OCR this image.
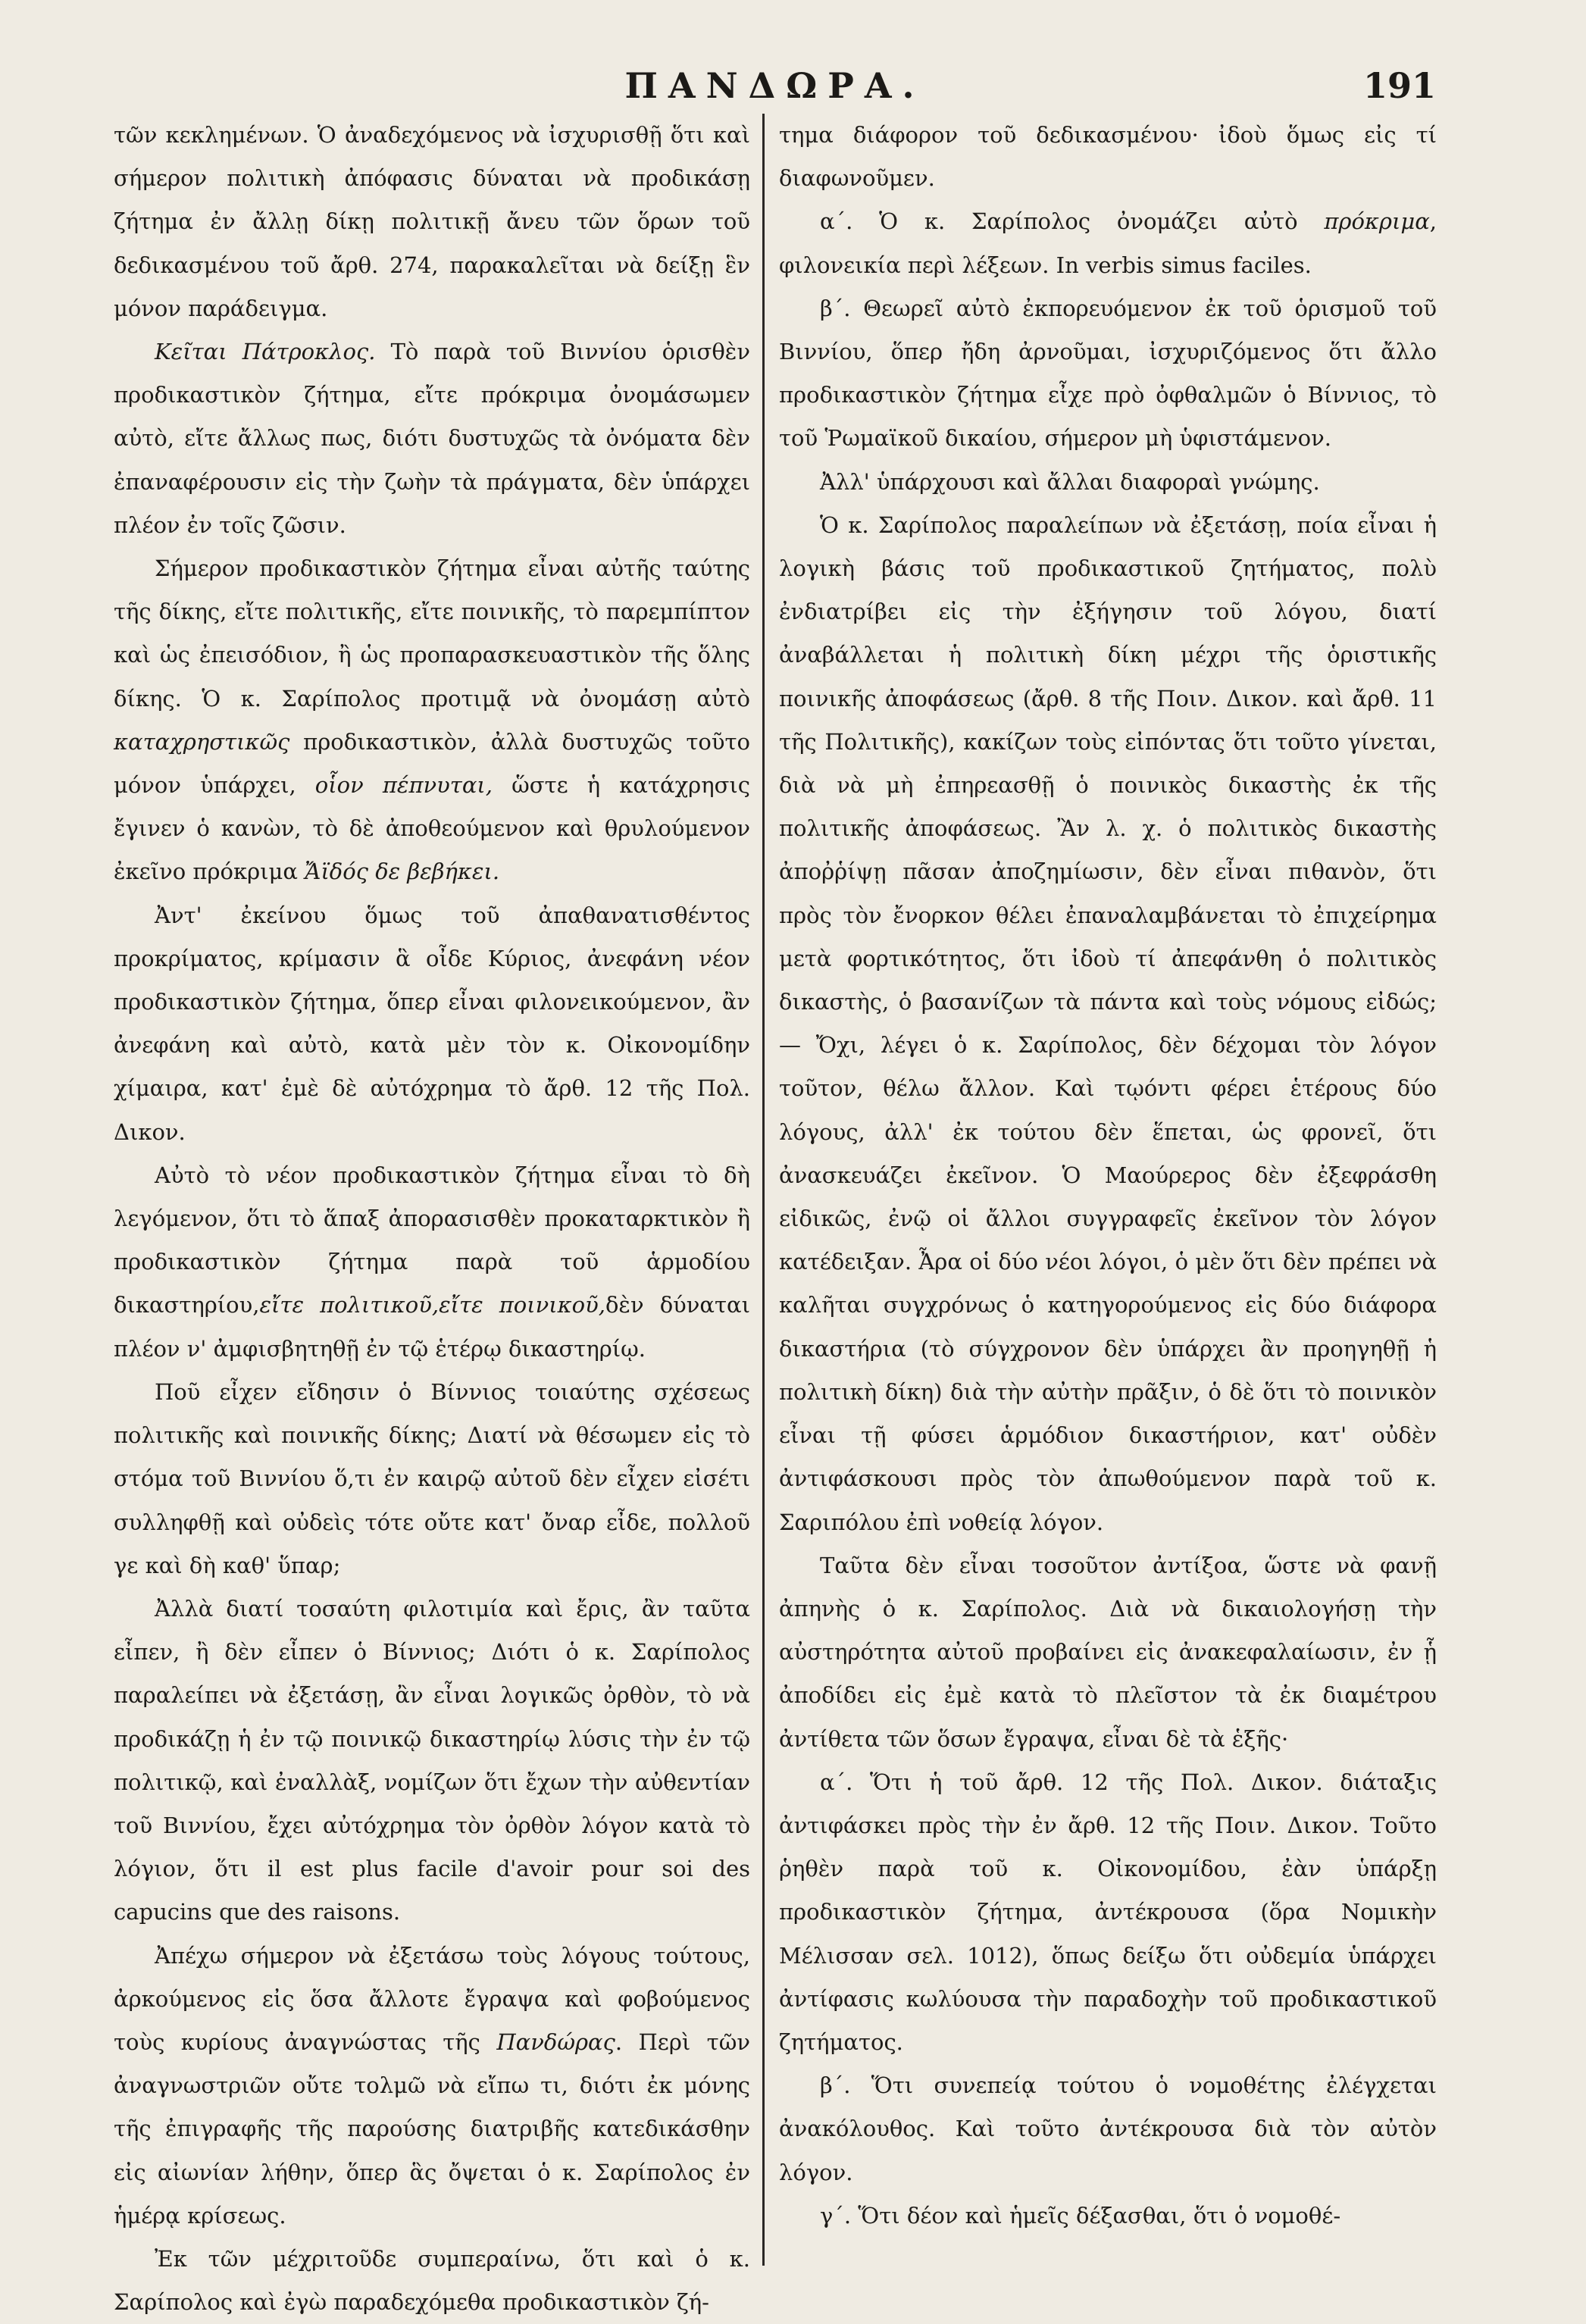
ΠΑΝΔΩΡΑ.	191

τῶν κεκλημένων. Ὁ ἀναδεχόμενος νὰ ἰσχυρισθῇ ὅτι καὶ σήμερον πολιτικὴ ἀπόφασις δύναται νὰ προδικάσῃ ζήτημα ἐν ἄλλῃ δίκῃ πολιτικῇ ἄνευ τῶν ὅρων τοῦ δεδικασμένου τοῦ ἄρθ. 274, παρακαλεῖται νὰ δείξῃ ἓν μόνον παράδειγμα.

Κεῖται Πάτροκλος. Τὸ παρὰ τοῦ Βιννίου ὁρισθὲν προδικαστικὸν ζήτημα, εἴτε πρόκριμα ὀνομάσωμεν αὐτὸ, εἴτε ἄλλως πως, διότι δυστυχῶς τὰ ὀνόματα δὲν ἐπαναφέρουσιν εἰς τὴν ζωὴν τὰ πράγματα, δὲν ὑπάρχει πλέον ἐν τοῖς ζῶσιν.

Σήμερον προδικαστικὸν ζήτημα εἶναι αὐτῆς ταύτης τῆς δίκης, εἴτε πολιτικῆς, εἴτε ποινικῆς, τὸ παρεμπίπτον καὶ ὡς ἐπεισόδιον, ἢ ὡς προπαρασκευαστικὸν τῆς ὅλης δίκης. Ὁ κ. Σαρίπολος προτιμᾷ νὰ ὀνομάσῃ αὐτὸ καταχρηστικῶς προδικαστικὸν, ἀλλὰ δυστυχῶς τοῦτο μόνον ὑπάρχει, οἷον πέπνυται, ὥστε ἡ κατάχρησις ἔγινεν ὁ κανὼν, τὸ δὲ ἀποθεούμενον καὶ θρυλούμενον ἐκεῖνο πρόκριμα Ἄϊδός δε βεβήκει.

Ἀντ' ἐκείνου ὅμως τοῦ ἀπαθανατισθέντος προκρίματος, κρίμασιν ἃ οἶδε Κύριος, ἀνεφάνη νέον προδικαστικὸν ζήτημα, ὅπερ εἶναι φιλονεικούμενον, ἂν ἀνεφάνη καὶ αὐτὸ, κατὰ μὲν τὸν κ. Οἰκονομίδην χίμαιρα, κατ' ἐμὲ δὲ αὐτόχρημα τὸ ἄρθ. 12 τῆς Πολ. Δικον.

Αὐτὸ τὸ νέον προδικαστικὸν ζήτημα εἶναι τὸ δὴ λεγόμενον, ὅτι τὸ ἅπαξ ἀπορασισθὲν προκαταρκτικὸν ἢ προδικαστικὸν ζήτημα παρὰ τοῦ ἁρμοδίου δικαστηρίου,εἴτε πολιτικοῦ,εἴτε ποινικοῦ,δὲν δύναται πλέον ν' ἀμφισβητηθῇ ἐν τῷ ἑτέρῳ δικαστηρίῳ.

Ποῦ εἶχεν εἴδησιν ὁ Βίννιος τοιαύτης σχέσεως πολιτικῆς καὶ ποινικῆς δίκης; Διατί νὰ θέσωμεν εἰς τὸ στόμα τοῦ Βιννίου ὅ,τι ἐν καιρῷ αὐτοῦ δὲν εἶχεν εἰσέτι συλληφθῇ καὶ οὐδεὶς τότε οὔτε κατ' ὄναρ εἶδε, πολλοῦ γε καὶ δὴ καθ' ὕπαρ;

Ἀλλὰ διατί τοσαύτη φιλοτιμία καὶ ἔρις, ἂν ταῦτα εἶπεν, ἢ δὲν εἶπεν ὁ Βίννιος; Διότι ὁ κ. Σαρίπολος παραλείπει νὰ ἐξετάσῃ, ἂν εἶναι λογικῶς ὀρθὸν, τὸ νὰ προδικάζῃ ἡ ἐν τῷ ποινικῷ δικαστηρίῳ λύσις τὴν ἐν τῷ πολιτικῷ, καὶ ἐναλλὰξ, νομίζων ὅτι ἔχων τὴν αὐθεντίαν τοῦ Βιννίου, ἔχει αὐτόχρημα τὸν ὀρθὸν λόγον κατὰ τὸ λόγιον, ὅτι il est plus facile d'avoir pour soi des capucins que des raisons.

Ἀπέχω σήμερον νὰ ἐξετάσω τοὺς λόγους τούτους, ἀρκούμενος εἰς ὅσα ἄλλοτε ἔγραψα καὶ φοβούμενος τοὺς κυρίους ἀναγνώστας τῆς Πανδώρας. Περὶ τῶν ἀναγνωστριῶν οὔτε τολμῶ νὰ εἴπω τι, διότι ἐκ μόνης τῆς ἐπιγραφῆς τῆς παρούσης διατριβῆς κατεδικάσθην εἰς αἰωνίαν λήθην, ὅπερ ἃς ὄψεται ὁ κ. Σαρίπολος ἐν ἡμέρᾳ κρίσεως.

Ἐκ τῶν μέχριτοῦδε συμπεραίνω, ὅτι καὶ ὁ κ. Σαρίπολος καὶ ἐγὼ παραδεχόμεθα προδικαστικὸν ζή-

τημα διάφορον τοῦ δεδικασμένου· ἰδοὺ ὅμως εἰς τί διαφωνοῦμεν.

α΄. Ὁ κ. Σαρίπολος ὀνομάζει αὐτὸ πρόκριμα, φιλονεικία περὶ λέξεων. In verbis simus faciles.

β΄. Θεωρεῖ αὐτὸ ἐκπορευόμενον ἐκ τοῦ ὁρισμοῦ τοῦ Βιννίου, ὅπερ ἤδη ἀρνοῦμαι, ἰσχυριζόμενος ὅτι ἄλλο προδικαστικὸν ζήτημα εἶχε πρὸ ὀφθαλμῶν ὁ Βίννιος, τὸ τοῦ Ῥωμαϊκοῦ δικαίου, σήμερον μὴ ὑφιστάμενον.

Ἀλλ' ὑπάρχουσι καὶ ἄλλαι διαφοραὶ γνώμης.

Ὁ κ. Σαρίπολος παραλείπων νὰ ἐξετάσῃ, ποία εἶναι ἡ λογικὴ βάσις τοῦ προδικαστικοῦ ζητήματος, πολὺ ἐνδιατρίβει εἰς τὴν ἐξήγησιν τοῦ λόγου, διατί ἀναβάλλεται ἡ πολιτικὴ δίκη μέχρι τῆς ὁριστικῆς ποινικῆς ἀποφάσεως (ἄρθ. 8 τῆς Ποιν. Δικον. καὶ ἄρθ. 11 τῆς Πολιτικῆς), κακίζων τοὺς εἰπόντας ὅτι τοῦτο γίνεται, διὰ νὰ μὴ ἐπηρεασθῇ ὁ ποινικὸς δικαστὴς ἐκ τῆς πολιτικῆς ἀποφάσεως. Ἂν λ. χ. ὁ πολιτικὸς δικαστὴς ἀποῤῥίψῃ πᾶσαν ἀποζημίωσιν, δὲν εἶναι πιθανὸν, ὅτι πρὸς τὸν ἔνορκον θέλει ἐπαναλαμβάνεται τὸ ἐπιχείρημα μετὰ φορτικότητος, ὅτι ἰδοὺ τί ἀπεφάνθη ὁ πολιτικὸς δικαστὴς, ὁ βασανίζων τὰ πάντα καὶ τοὺς νόμους εἰδώς; — Ὄχι, λέγει ὁ κ. Σαρίπολος, δὲν δέχομαι τὸν λόγον τοῦτον, θέλω ἄλλον. Καὶ τῳόντι φέρει ἑτέρους δύο λόγους, ἀλλ' ἐκ τούτου δὲν ἕπεται, ὡς φρονεῖ, ὅτι ἀνασκευάζει ἐκεῖνον. Ὁ Μαούρερος δὲν ἐξεφράσθη εἰδικῶς, ἐνῷ οἱ ἄλλοι συγγραφεῖς ἐκεῖνον τὸν λόγον κατέδειξαν. Ἆρα οἱ δύο νέοι λόγοι, ὁ μὲν ὅτι δὲν πρέπει νὰ καλῆται συγχρόνως ὁ κατηγορούμενος εἰς δύο διάφορα δικαστήρια (τὸ σύγχρονον δὲν ὑπάρχει ἂν προηγηθῇ ἡ πολιτικὴ δίκη) διὰ τὴν αὐτὴν πρᾶξιν, ὁ δὲ ὅτι τὸ ποινικὸν εἶναι τῇ φύσει ἁρμόδιον δικαστήριον, κατ' οὐδὲν ἀντιφάσκουσι πρὸς τὸν ἀπωθούμενον παρὰ τοῦ κ. Σαριπόλου ἐπὶ νοθείᾳ λόγον.

Ταῦτα δὲν εἶναι τοσοῦτον ἀντίξοα, ὥστε νὰ φανῇ ἀπηνὴς ὁ κ. Σαρίπολος. Διὰ νὰ δικαιολογήσῃ τὴν αὐστηρότητα αὐτοῦ προβαίνει εἰς ἀνακεφαλαίωσιν, ἐν ᾗ ἀποδίδει εἰς ἐμὲ κατὰ τὸ πλεῖστον τὰ ἐκ διαμέτρου ἀντίθετα τῶν ὅσων ἔγραψα, εἶναι δὲ τὰ ἑξῆς·

α΄. Ὅτι ἡ τοῦ ἄρθ. 12 τῆς Πολ. Δικον. διάταξις ἀντιφάσκει πρὸς τὴν ἐν ἄρθ. 12 τῆς Ποιν. Δικον. Τοῦτο ῥηθὲν παρὰ τοῦ κ. Οἰκονομίδου, ἐὰν ὑπάρξῃ προδικαστικὸν ζήτημα, ἀντέκρουσα (ὅρα Νομικὴν Μέλισσαν σελ. 1012), ὅπως δείξω ὅτι οὐδεμία ὑπάρχει ἀντίφασις κωλύουσα τὴν παραδοχὴν τοῦ προδικαστικοῦ ζητήματος.

β΄. Ὅτι συνεπείᾳ τούτου ὁ νομοθέτης ἐλέγχεται ἀνακόλουθος. Καὶ τοῦτο ἀντέκρουσα διὰ τὸν αὐτὸν λόγον.

γ΄. Ὅτι δέον καὶ ἡμεῖς δέξασθαι, ὅτι ὁ νομοθέ-
